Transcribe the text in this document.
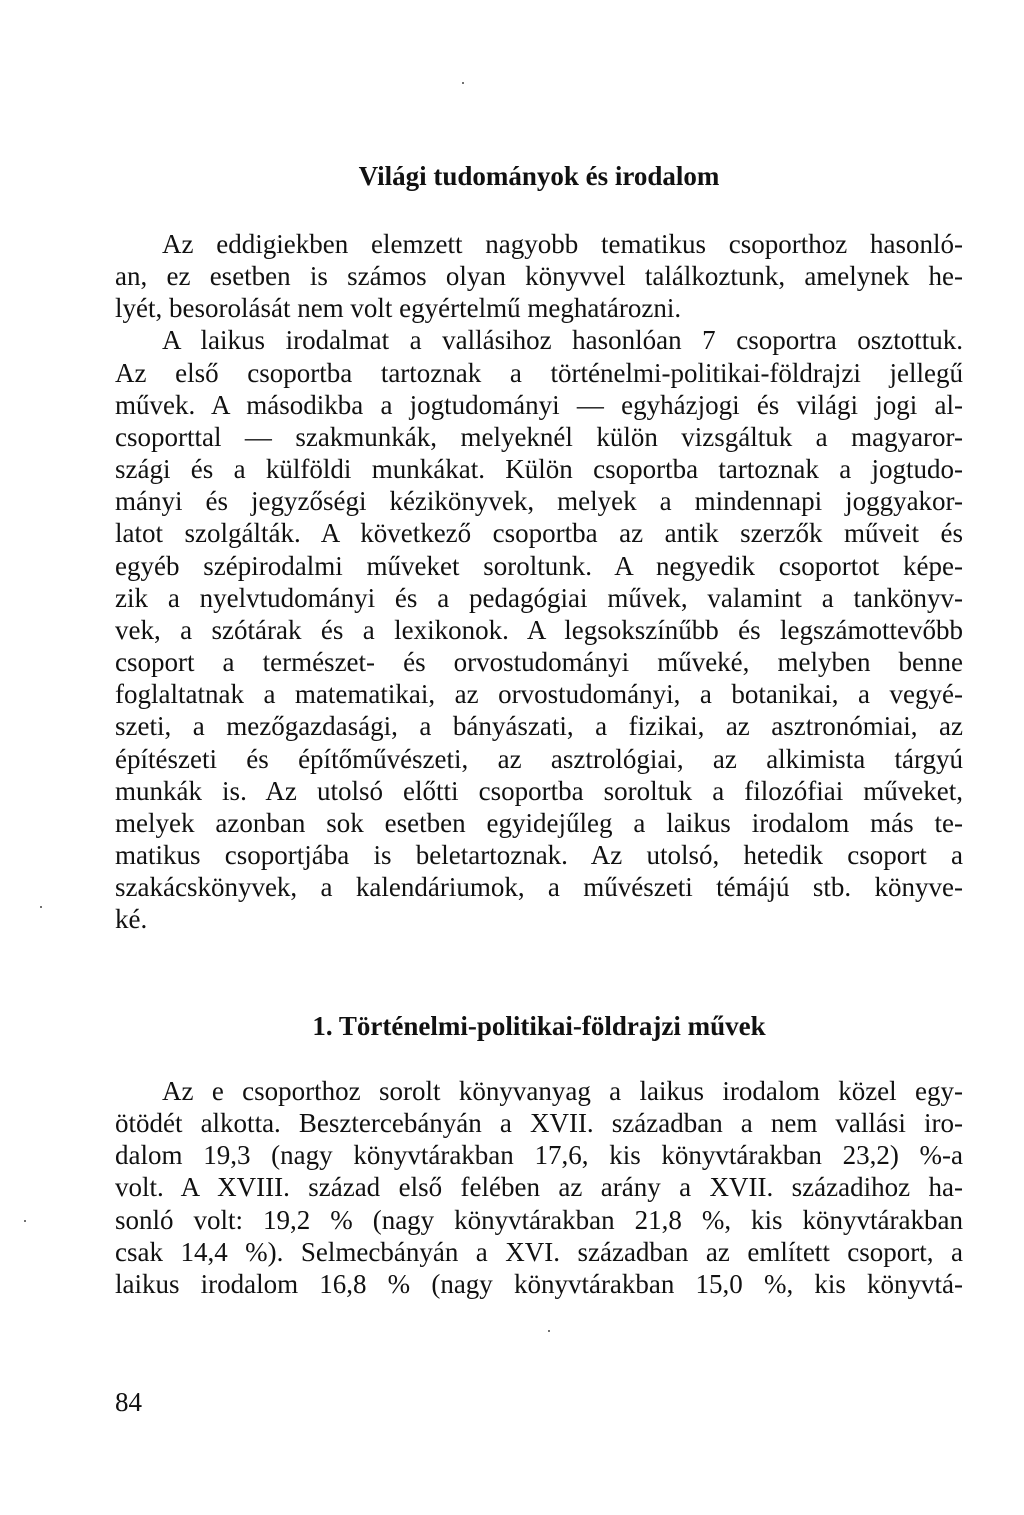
Világi tudományok és irodalom
Az eddigiekben elemzett nagyobb tematikus csoporthoz hasonló-
an, ez esetben is számos olyan könyvvel találkoztunk, amelynek he-
lyét, besorolását nem volt egyértelmű meghatározni.
A laikus irodalmat a vallásihoz hasonlóan 7 csoportra osztottuk.
Az első csoportba tartoznak a történelmi-politikai-földrajzi jellegű
művek. A másodikba a jogtudományi — egyházjogi és világi jogi al-
csoporttal — szakmunkák, melyeknél külön vizsgáltuk a magyaror-
szági és a külföldi munkákat. Külön csoportba tartoznak a jogtudo-
mányi és jegyzőségi kézikönyvek, melyek a mindennapi joggyakor-
latot szolgálták. A következő csoportba az antik szerzők műveit és
egyéb szépirodalmi műveket soroltunk. A negyedik csoportot képe-
zik a nyelvtudományi és a pedagógiai művek, valamint a tankönyv-
vek, a szótárak és a lexikonok. A legsokszínűbb és legszámottevőbb
csoport a természet- és orvostudományi műveké, melyben benne
foglaltatnak a matematikai, az orvostudományi, a botanikai, a vegyé-
szeti, a mezőgazdasági, a bányászati, a fizikai, az asztronómiai, az
építészeti és építőművészeti, az asztrológiai, az alkimista tárgyú
munkák is. Az utolsó előtti csoportba soroltuk a filozófiai műveket,
melyek azonban sok esetben egyidejűleg a laikus irodalom más te-
matikus csoportjába is beletartoznak. Az utolsó, hetedik csoport a
szakácskönyvek, a kalendáriumok, a művészeti témájú stb. könyve-
ké.
1. Történelmi-politikai-földrajzi művek
Az e csoporthoz sorolt könyvanyag a laikus irodalom közel egy-
ötödét alkotta. Besztercebányán a XVII. században a nem vallási iro-
dalom 19,3 (nagy könyvtárakban 17,6, kis könyvtárakban 23,2) %-a
volt. A XVIII. század első felében az arány a XVII. századihoz ha-
sonló volt: 19,2 % (nagy könyvtárakban 21,8 %, kis könyvtárakban
csak 14,4 %). Selmecbányán a XVI. században az említett csoport, a
laikus irodalom 16,8 % (nagy könyvtárakban 15,0 %, kis könyvtá-

84
